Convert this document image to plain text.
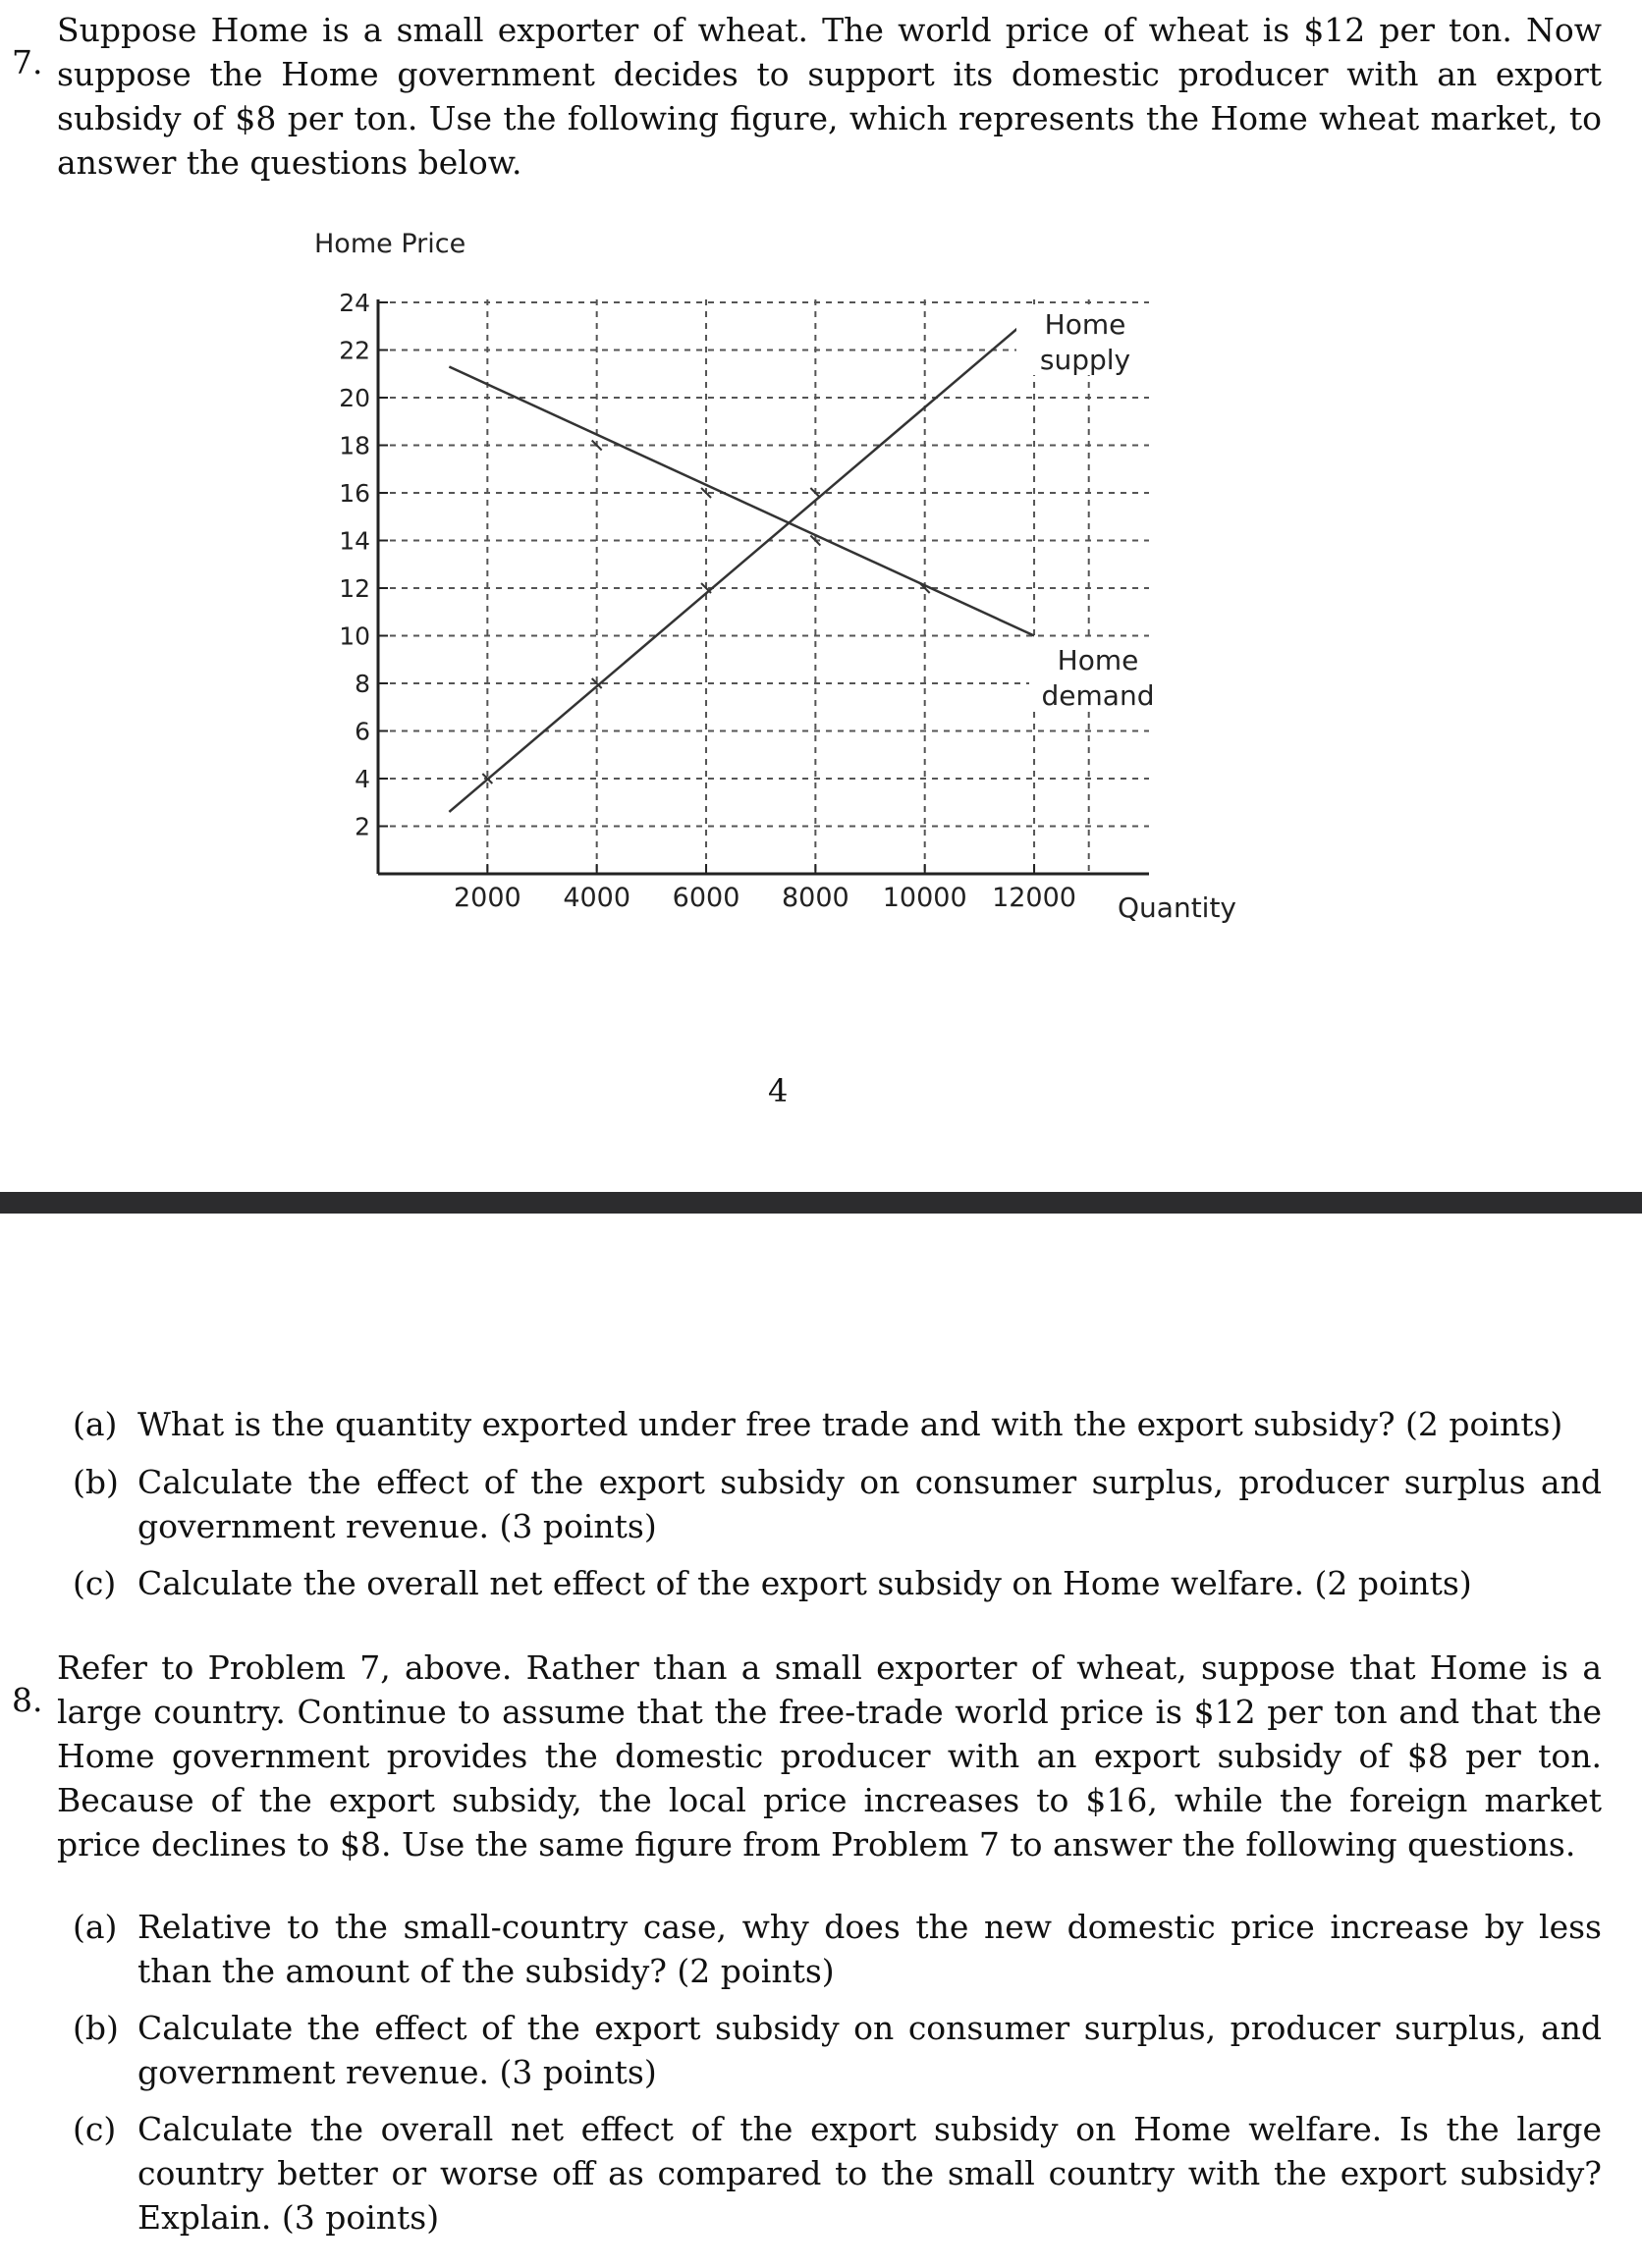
7.

Suppose Home is a small exporter of wheat. The world price of wheat is $12 per ton. Now suppose the Home government decides to support its domestic producer with an export subsidy of $8 per ton. Use the following figure, which represents the Home wheat market, to answer the questions below.

Home Price
24
22
20
18
16
14
12
10
8
6
4
2
2000 4000 6000 8000 10000 12000
Home
supply
Home
demand
Quantity
4
(a) What is the quantity exported under free trade and with the export subsidy? (2 points)

(b) Calculate the effect of the export subsidy on consumer surplus, producer surplus and government revenue. (3 points)

(c) Calculate the overall net effect of the export subsidy on Home welfare. (2 points)

8.

Refer to Problem 7, above. Rather than a small exporter of wheat, suppose that Home is a large country. Continue to assume that the free-trade world price is $12 per ton and that the Home government provides the domestic producer with an export subsidy of $8 per ton. Because of the export subsidy, the local price increases to $16, while the foreign market price declines to $8. Use the same figure from Problem 7 to answer the following questions.

(a) Relative to the small-country case, why does the new domestic price increase by less than the amount of the subsidy? (2 points)

(b) Calculate the effect of the export subsidy on consumer surplus, producer surplus, and government revenue. (3 points)

(c) Calculate the overall net effect of the export subsidy on Home welfare. Is the large country better or worse off as compared to the small country with the export subsidy? Explain. (3 points)
